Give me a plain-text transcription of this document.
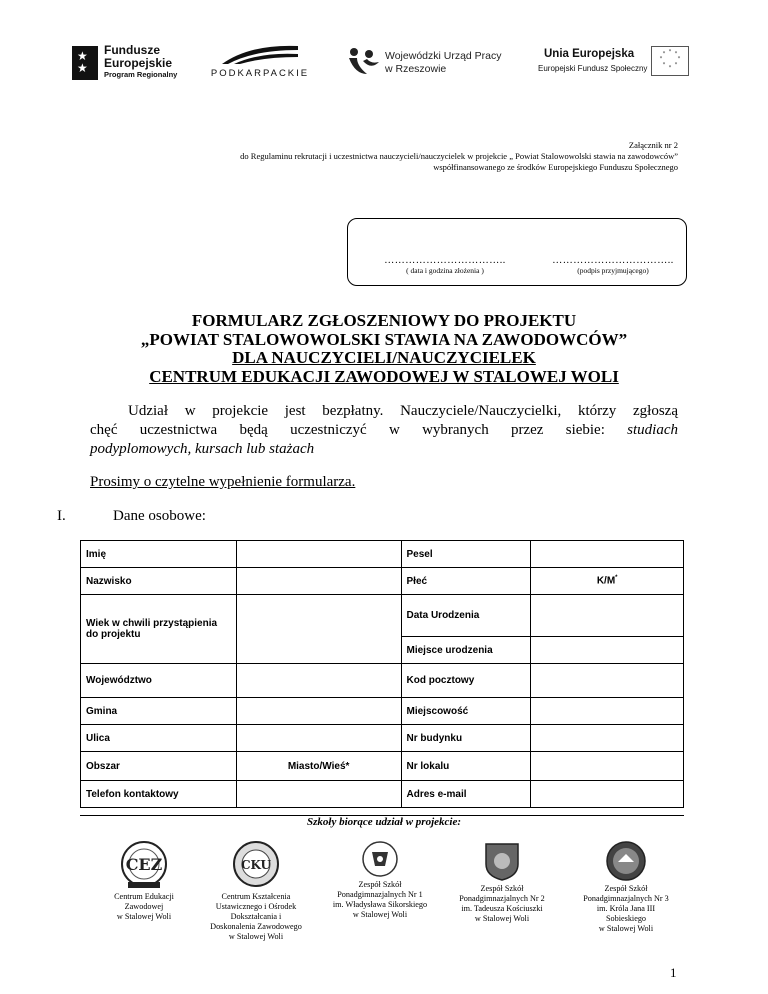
★
★
Fundusze
Europejskie
Program Regionalny	PODKARPACKIE
Wojewódzki Urząd Pracy
w Rzeszowie
Unia Europejska
Europejski Fundusz Społeczny
* *
*
*
*
*
*
*
Załącznik nr 2
do Regulaminu rekrutacji i uczestnictwa nauczycieli/nauczycielek w projekcie „ Powiat Stalowowolski stawia na zawodowców”
współfinansowanego ze środków Europejskiego Funduszu Społecznego
……………………………..
( data i godzina złożenia )
……………………………..
(podpis przyjmującego)
FORMULARZ ZGŁOSZENIOWY DO PROJEKTU
„POWIAT STALOWOWOLSKI STAWIA NA ZAWODOWCÓW”
DLA NAUCZYCIELI/NAUCZYCIELEK
CENTRUM EDUKACJI ZAWODOWEJ W STALOWEJ WOLI
Udział w projekcie jest bezpłatny. Nauczyciele/Nauczycielki, którzy zgłoszą
chęć uczestnictwa będą uczestniczyć w wybranych przez siebie: studiach
podyplomowych, kursach lub stażach
Prosimy o czytelne wypełnienie formularza.
I.	Dane osobowe:
Imię		Pesel	
Nazwisko		Płeć	K/M*
Wiek w chwili przystąpienia do projektu		Data Urodzenia	
		Miejsce urodzenia	
Województwo		Kod pocztowy	
Gmina		Miejscowość	
Ulica		Nr budynku	
Obszar	Miasto/Wieś*	Nr lokalu	
Telefon kontaktowy		Adres e-mail	
Szkoły biorące udział w projekcie:
CEZ
Centrum Edukacji
Zawodowej
w Stalowej Woli
CKU
Centrum Kształcenia
Ustawicznego i Ośrodek
Dokształcania i
Doskonalenia Zawodowego
w Stalowej Woli
Zespół Szkół
Ponadgimnazjalnych Nr 1
im. Władysława Sikorskiego
w Stalowej Woli
Zespół Szkół
Ponadgimnazjalnych Nr 2
im. Tadeusza Kościuszki
w Stalowej Woli
Zespół Szkół
Ponadgimnazjalnych Nr 3
im. Króla Jana III
Sobieskiego
w Stalowej Woli
1
